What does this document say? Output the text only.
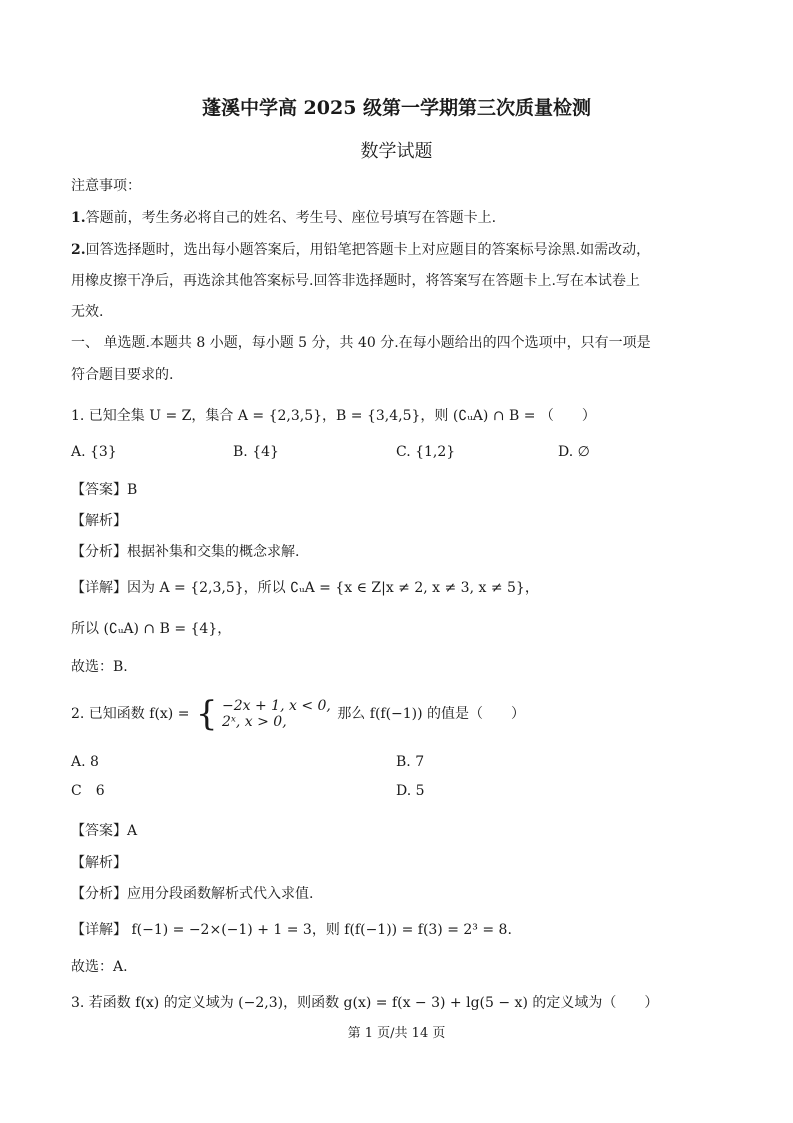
蓬溪中学高 2025 级第一学期第三次质量检测
数学试题
注意事项：
1.答题前，考生务必将自己的姓名、考生号、座位号填写在答题卡上.
2.回答选择题时，选出每小题答案后，用铅笔把答题卡上对应题目的答案标号涂黑.如需改动，
用橡皮擦干净后，再选涂其他答案标号.回答非选择题时，将答案写在答题卡上.写在本试卷上
无效.
一、 单选题.本题共 8 小题，每小题 5 分，共 40 分.在每小题给出的四个选项中，只有一项是
符合题目要求的.
1. 已知全集 U = Z，集合 A = {2,3,5}，B = {3,4,5}，则 (∁ᵤA) ∩ B = （　　）
A. {3}	B. {4}	C. {1,2}	D. ∅
【答案】B
【解析】
【分析】根据补集和交集的概念求解.
【详解】因为 A = {2,3,5}，所以 ∁ᵤA = {x ∈ Z|x ≠ 2, x ≠ 3, x ≠ 5}，
所以 (∁ᵤA) ∩ B = {4}，
故选：B.
2. 已知函数 f(x) = { −2x + 1, x < 0,
2ˣ, x > 0,	那么 f(f(−1)) 的值是（　　）
A. 8	B. 7
C　6	D. 5
【答案】A
【解析】
【分析】应用分段函数解析式代入求值.
【详解】 f(−1) = −2×(−1) + 1 = 3，则 f(f(−1)) = f(3) = 2³ = 8.
故选：A.
3. 若函数 f(x) 的定义域为 (−2,3)，则函数 g(x) = f(x − 3) + lg(5 − x) 的定义域为（　　）
第 1 页/共 14 页
